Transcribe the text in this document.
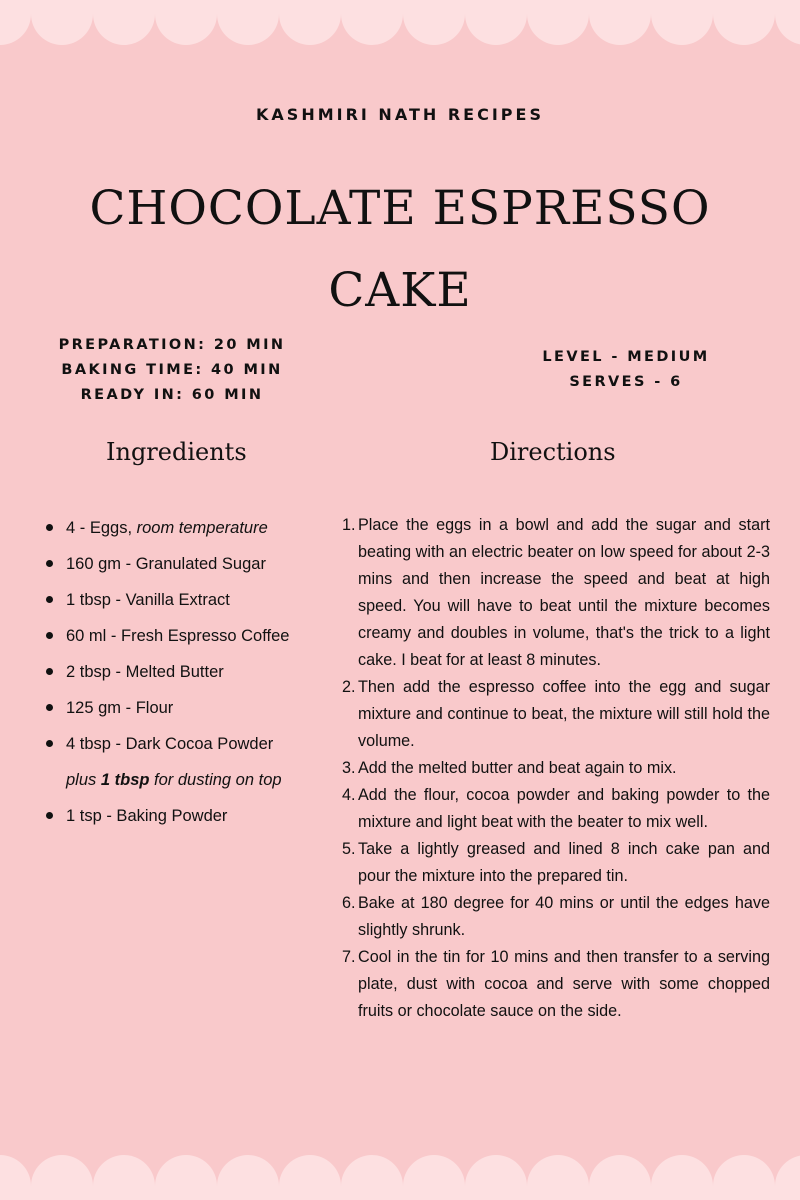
KASHMIRI NATH RECIPES
CHOCOLATE ESPRESSO
CAKE
PREPARATION: 20 MIN
BAKING TIME: 40 MIN
READY IN: 60 MIN
LEVEL - MEDIUM
SERVES - 6
Ingredients	Directions
4 - Eggs, room temperature
160 gm - Granulated Sugar
1 tbsp - Vanilla Extract
60 ml - Fresh Espresso Coffee
2 tbsp - Melted Butter
125 gm - Flour
4 tbsp - Dark Cocoa Powder
plus 1 tbsp for dusting on top
1 tsp - Baking Powder
1. Place the eggs in a bowl and add the sugar and start beating with an electric beater on low speed for about 2-3 mins and then increase the speed and beat at high speed. You will have to beat until the mixture becomes creamy and doubles in volume, that's the trick to a light cake. I beat for at least 8 minutes.
2. Then add the espresso coffee into the egg and sugar mixture and continue to beat, the mixture will still hold the volume.
3. Add the melted butter and beat again to mix.
4. Add the flour, cocoa powder and baking powder to the mixture and light beat with the beater to mix well.
5. Take a lightly greased and lined 8 inch cake pan and pour the mixture into the prepared tin.
6. Bake at 180 degree for 40 mins or until the edges have slightly shrunk.
7. Cool in the tin for 10 mins and then transfer to a serving plate, dust with cocoa and serve with some chopped fruits or chocolate sauce on the side.
